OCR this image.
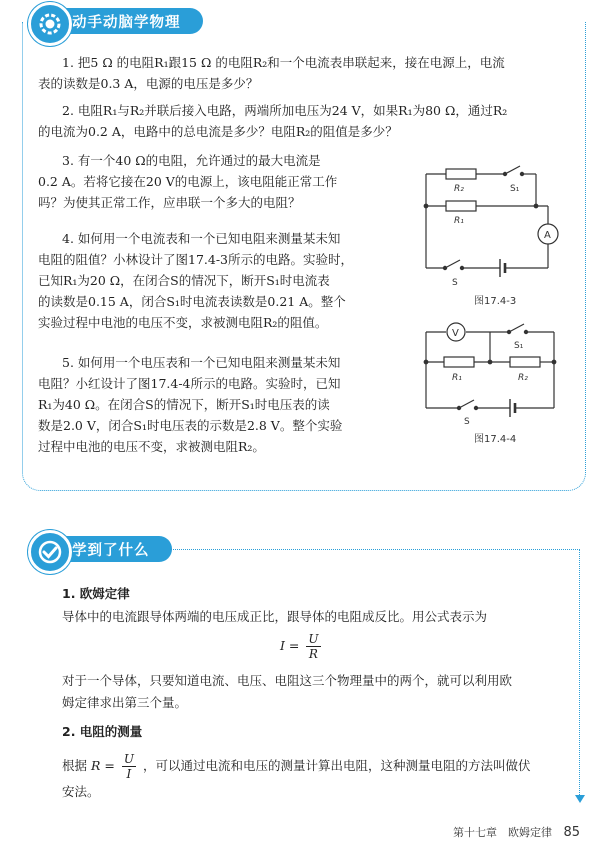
动手动脑学物理
1. 把5 Ω 的电阻R₁跟15 Ω 的电阻R₂和一个电流表串联起来，接在电源上，电流
表的读数是0.3 A，电源的电压是多少？
2. 电阻R₁与R₂并联后接入电路，两端所加电压为24 V，如果R₁为80 Ω，通过R₂
的电流为0.2 A，电路中的总电流是多少？电阻R₂的阻值是多少？
3. 有一个40 Ω的电阻，允许通过的最大电流是
0.2 A。若将它接在20 V的电源上，该电阻能正常工作
吗？为使其正常工作，应串联一个多大的电阻？
4. 如何用一个电流表和一个已知电阻来测量某未知
电阻的阻值？小林设计了图17.4-3所示的电路。实验时，
已知R₁为20 Ω，在闭合S的情况下，断开S₁时电流表
的读数是0.15 A，闭合S₁时电流表读数是0.21 A。整个
实验过程中电池的电压不变，求被测电阻R₂的阻值。
5. 如何用一个电压表和一个已知电阻来测量某未知
电阻？小红设计了图17.4-4所示的电路。实验时，已知
R₁为40 Ω。在闭合S的情况下，断开S₁时电压表的读
数是2.0 V，闭合S₁时电压表的示数是2.8 V。整个实验
过程中电池的电压不变，求被测电阻R₂。
R₂	S₁
R₁
A
S
图17.4-3
V
S₁
R₁	R₂
S
图17.4-4
学到了什么
1. 欧姆定律
导体中的电流跟导体两端的电压成正比，跟导体的电阻成反比。用公式表示为
$I = \frac{U}{R}$
对于一个导体，只要知道电流、电压、电阻这三个物理量中的两个，就可以利用欧
姆定律求出第三个量。
2. 电阻的测量
根据 $R = \frac{U}{I}$ ，可以通过电流和电压的测量计算出电阻，这种测量电阻的方法叫做伏
安法。
第十七章　欧姆定律 85
